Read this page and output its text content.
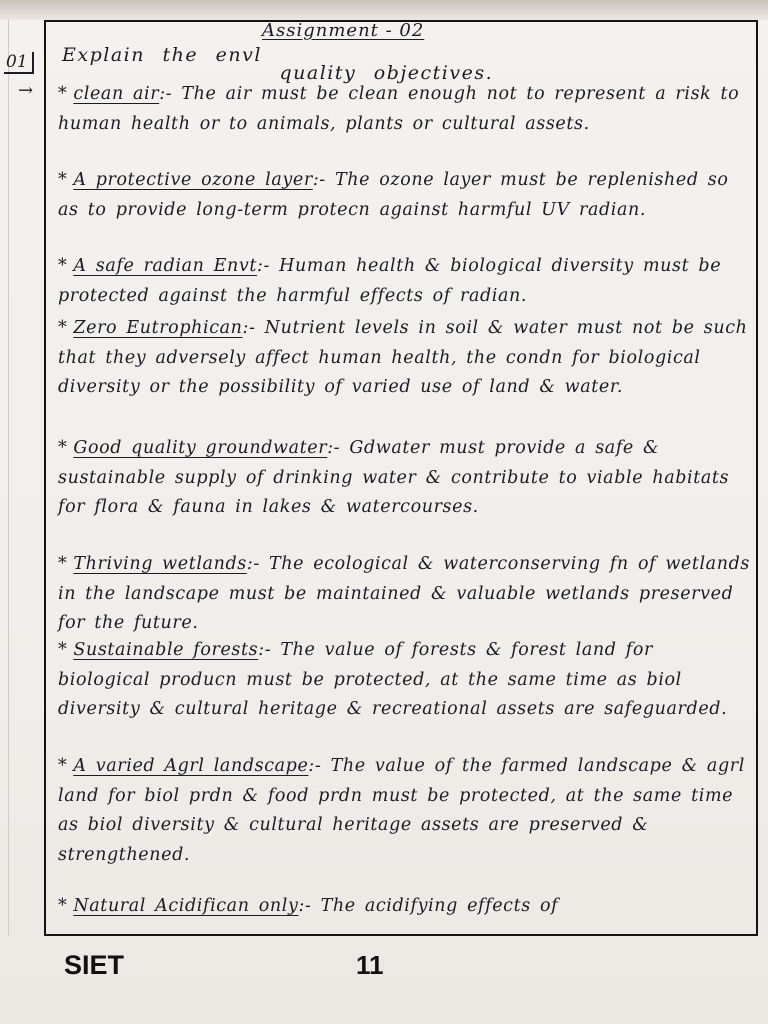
Assignment - 02
01
→
Explain the envl quality objectives.
* clean air:- The air must be clean enough not to represent a risk to human health or to animals, plants or cultural assets.
* A protective ozone layer:- The ozone layer must be replenished so as to provide long-term protecn against harmful UV radian.
* A safe radian Envt:- Human health & biological diversity must be protected against the harmful effects of radian.
* Zero Eutrophican:- Nutrient levels in soil & water must not be such that they adversely affect human health, the condn for biological diversity or the possibility of varied use of land & water.
* Good quality groundwater:- Gdwater must provide a safe & sustainable supply of drinking water & contribute to viable habitats for flora & fauna in lakes & watercourses.
* Thriving wetlands:- The ecological & waterconserving fn of wetlands in the landscape must be maintained & valuable wetlands preserved for the future.
* Sustainable forests:- The value of forests & forest land for biological producn must be protected, at the same time as biol diversity & cultural heritage & recreational assets are safeguarded.
* A varied Agrl landscape:- The value of the farmed landscape & agrl land for biol prdn & food prdn must be protected, at the same time as biol diversity & cultural heritage assets are preserved & strengthened.
* Natural Acidifican only:- The acidifying effects of
SIET	11
